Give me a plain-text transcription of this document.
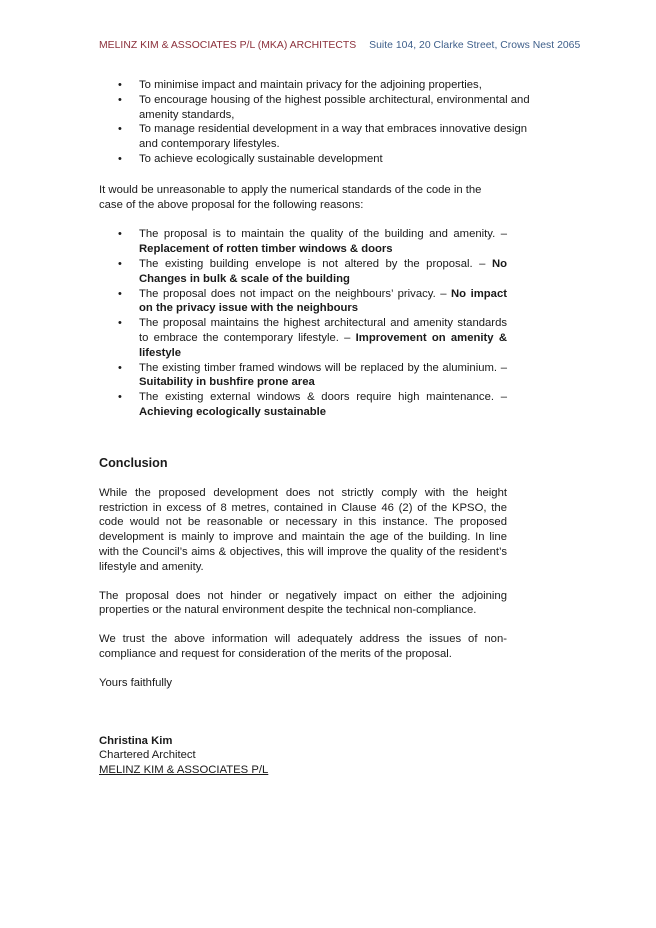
MELINZ KIM & ASSOCIATES P/L (MKA) ARCHITECTS Suite 104, 20 Clarke Street, Crows Nest 2065
• To minimise impact and maintain privacy for the adjoining properties,
• To encourage housing of the highest possible architectural, environmental and amenity standards,
• To manage residential development in a way that embraces innovative design and contemporary lifestyles.
• To achieve ecologically sustainable development

It would be unreasonable to apply the numerical standards of the code in the case of the above proposal for the following reasons:

• The proposal is to maintain the quality of the building and amenity. – Replacement of rotten timber windows & doors
• The existing building envelope is not altered by the proposal. – No Changes in bulk & scale of the building
• The proposal does not impact on the neighbours’ privacy. – No impact on the privacy issue with the neighbours
• The proposal maintains the highest architectural and amenity standards to embrace the contemporary lifestyle. – Improvement on amenity & lifestyle
• The existing timber framed windows will be replaced by the aluminium. – Suitability in bushfire prone area
• The existing external windows & doors require high maintenance. – Achieving ecologically sustainable
Conclusion

While the proposed development does not strictly comply with the height restriction in excess of 8 metres, contained in Clause 46 (2) of the KPSO, the code would not be reasonable or necessary in this instance. The proposed development is mainly to improve and maintain the age of the building. In line with the Council’s aims & objectives, this will improve the quality of the resident’s lifestyle and amenity.

The proposal does not hinder or negatively impact on either the adjoining properties or the natural environment despite the technical non-compliance.

We trust the above information will adequately address the issues of non-compliance and request for consideration of the merits of the proposal.

Yours faithfully

Christina Kim
Chartered Architect
MELINZ KIM & ASSOCIATES P/L
